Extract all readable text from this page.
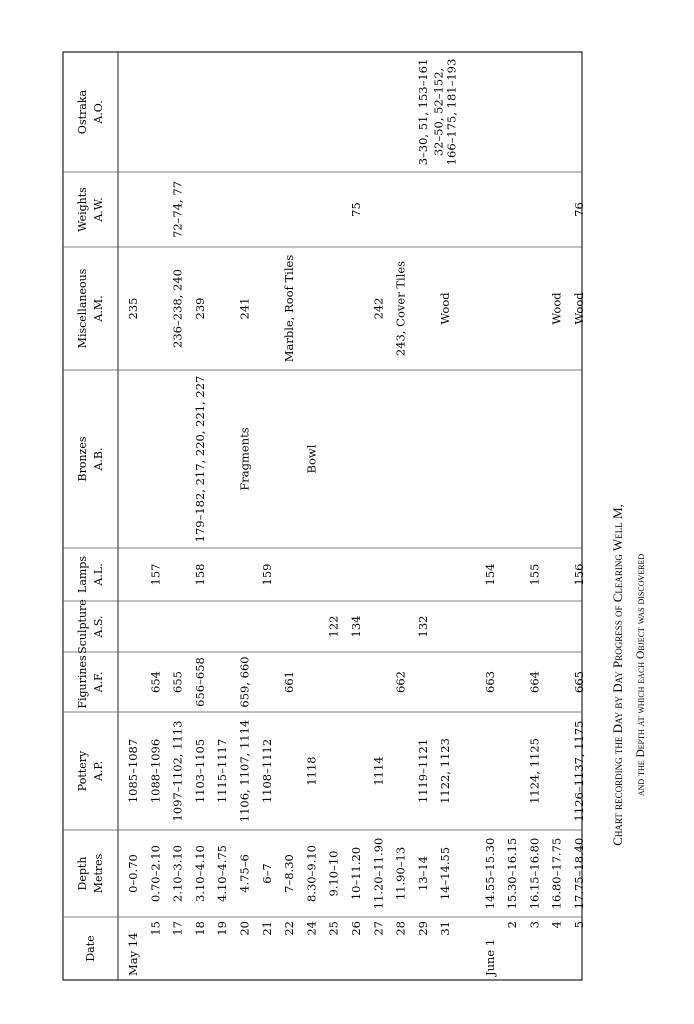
Date
Depth Metres
Pottery A.P.
Figurines A.F.
Sculpture A.S.
Lamps A.L.
Bronzes A.B.
Miscellaneous A.M.
Weights A.W.
Ostraka A.O.
May 14
0–0.70
1085–1087
235
15
0.70–2.10
1088–1096
654
157
17
2.10–3.10
1097–1102, 1113
655
236–238, 240
72–74, 77
18
3.10–4.10
1103–1105
656–658
158
179–182, 217, 220, 221, 227
239
19
4.10–4.75
1115–1117
20
4.75–6
1106, 1107, 1114
659, 660
Fragments
241
21
6–7
1108–1112
159
22
7–8.30
661
Marble, Roof Tiles
24
8.30–9.10
1118
Bowl
25
9.10–10
122
26
10–11.20
134
75
27
11.20–11.90
1114
242
28
11.90–13
662
243, Cover Tiles
29
13–14
1119–1121
132
3–30, 51, 153–161
31
14–14.55
1122, 1123
Wood
32–50, 52–152, 166–175, 181–193
June 1
14.55–15.30
663
154
2
15.30–16.15
3
16.15–16.80
1124, 1125
664
155
4
16.80–17.75
Wood
5
17.75–18.40
1126–1137, 1175
665
156
Wood
76
Chart recording the Day by Day Progress of Clearing Well M, and the Depth at which each Object was discovered
